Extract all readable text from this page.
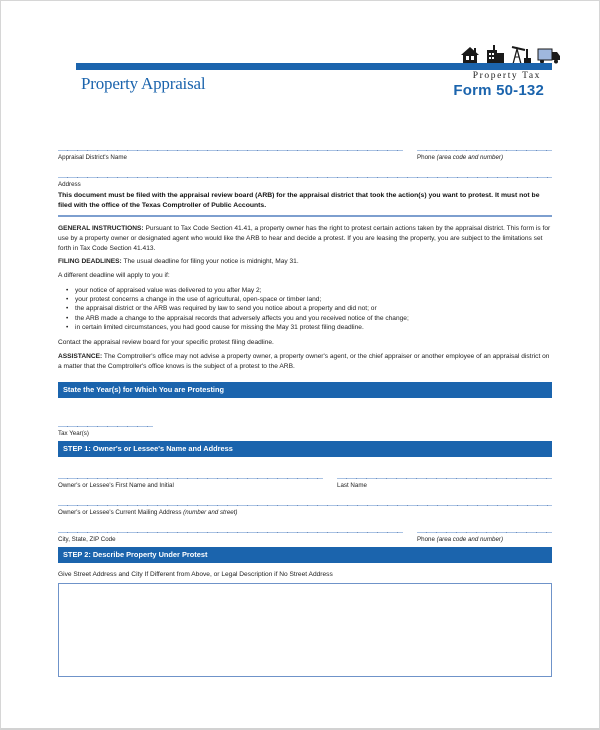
Property Appraisal	Property Tax
Form 50-132
Appraisal District's Name	Phone (area code and number)
Address
This document must be filed with the appraisal review board (ARB) for the appraisal district that took the action(s) you want to protest. It must not be filed with the office of the Texas Comptroller of Public Accounts.
GENERAL INSTRUCTIONS: Pursuant to Tax Code Section 41.41, a property owner has the right to protest certain actions taken by the appraisal district. This form is for use by a property owner or designated agent who would like the ARB to hear and decide a protest. If you are leasing the property, you are subject to the limitations set forth in Tax Code Section 41.413.
FILING DEADLINES: The usual deadline for filing your notice is midnight, May 31.
A different deadline will apply to you if:
• your notice of appraised value was delivered to you after May 2;
• your protest concerns a change in the use of agricultural, open-space or timber land;
• the appraisal district or the ARB was required by law to send you notice about a property and did not; or
• the ARB made a change to the appraisal records that adversely affects you and you received notice of the change;
• in certain limited circumstances, you had good cause for missing the May 31 protest filing deadline.
Contact the appraisal review board for your specific protest filing deadline.
ASSISTANCE: The Comptroller's office may not advise a property owner, a property owner's agent, or the chief appraiser or another employee of an appraisal district on a matter that the Comptroller's office knows is the subject of a protest to the ARB.
State the Year(s) for Which You are Protesting
Tax Year(s)
STEP 1: Owner's or Lessee's Name and Address
Owner's or Lessee's First Name and Initial	Last Name
Owner's or Lessee's Current Mailing Address (number and street)
City, State, ZIP Code	Phone (area code and number)
STEP 2: Describe Property Under Protest
Give Street Address and City If Different from Above, or Legal Description if No Street Address
